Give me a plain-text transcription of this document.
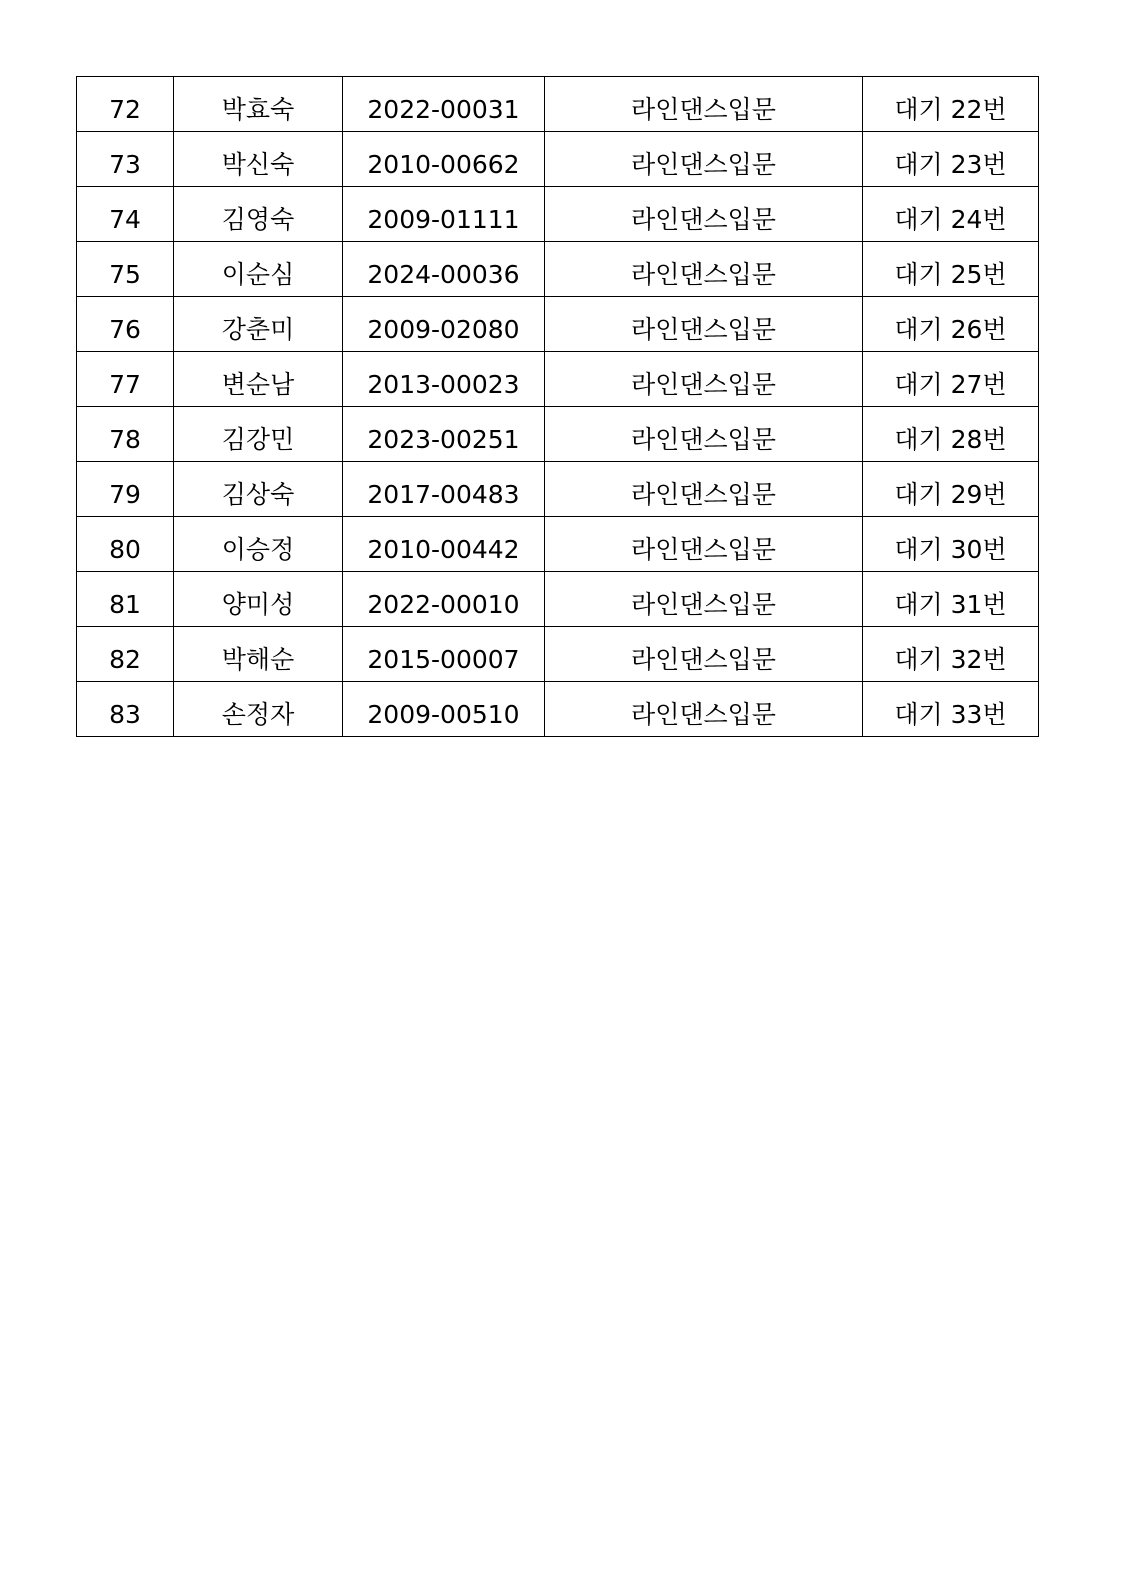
72	박효숙	2022-00031	라인댄스입문	대기 22번
73	박신숙	2010-00662	라인댄스입문	대기 23번
74	김영숙	2009-01111	라인댄스입문	대기 24번
75	이순심	2024-00036	라인댄스입문	대기 25번
76	강춘미	2009-02080	라인댄스입문	대기 26번
77	변순남	2013-00023	라인댄스입문	대기 27번
78	김강민	2023-00251	라인댄스입문	대기 28번
79	김상숙	2017-00483	라인댄스입문	대기 29번
80	이승정	2010-00442	라인댄스입문	대기 30번
81	양미성	2022-00010	라인댄스입문	대기 31번
82	박해순	2015-00007	라인댄스입문	대기 32번
83	손정자	2009-00510	라인댄스입문	대기 33번
